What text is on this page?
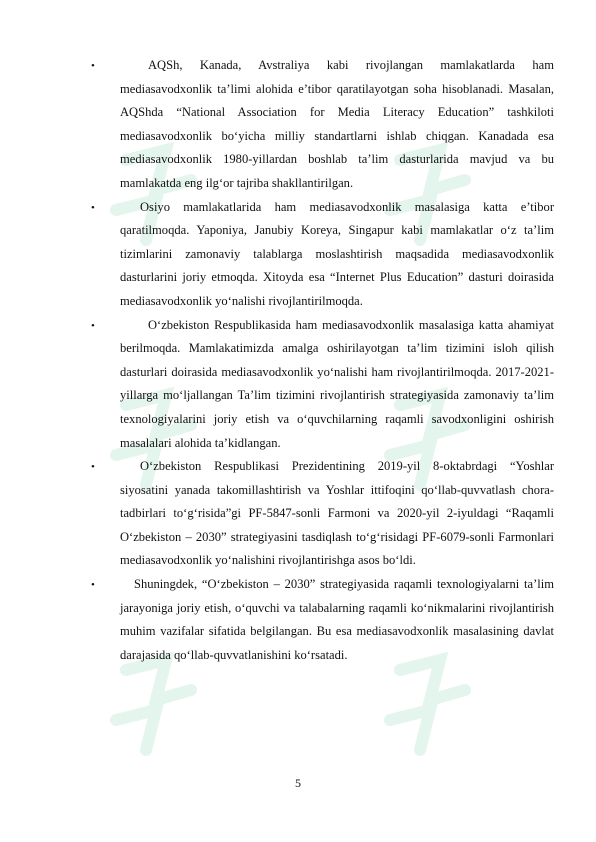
•	AQSh, Kanada, Avstraliya kabi rivojlangan mamlakatlarda ham mediasavodxonlik ta’limi alohida e’tibor qaratilayotgan soha hisoblanadi. Masalan, AQShda “National Association for Media Literacy Education” tashkiloti mediasavodxonlik bo‘yicha milliy standartlarni ishlab chiqgan. Kanadada esa mediasavodxonlik 1980-yillardan boshlab ta’lim dasturlarida mavjud va bu mamlakatda eng ilg‘or tajriba shakllantirilgan.

•	Osiyo mamlakatlarida ham mediasavodxonlik masalasiga katta e’tibor qaratilmoqda. Yaponiya, Janubiy Koreya, Singapur kabi mamlakatlar o‘z ta’lim tizimlarini zamonaviy talablarga moslashtirish maqsadida mediasavodxonlik dasturlarini joriy etmoqda. Xitoyda esa “Internet Plus Education” dasturi doirasida mediasavodxonlik yo‘nalishi rivojlantirilmoqda.

•	O‘zbekiston Respublikasida ham mediasavodxonlik masalasiga katta ahamiyat berilmoqda. Mamlakatimizda amalga oshirilayotgan ta’lim tizimini isloh qilish dasturlari doirasida mediasavodxonlik yo‘nalishi ham rivojlantirilmoqda. 2017-2021-yillarga mo‘ljallangan Ta’lim tizimini rivojlantirish strategiyasida zamonaviy ta’lim texnologiyalarini joriy etish va o‘quvchilarning raqamli savodxonligini oshirish masalalari alohida ta’kidlangan.

•	O‘zbekiston Respublikasi Prezidentining 2019-yil 8-oktabrdagi “Yoshlar siyosatini yanada takomillashtirish va Yoshlar ittifoqini qo‘llab-quvvatlash chora-tadbirlari to‘g‘risida”gi PF-5847-sonli Farmoni va 2020-yil 2-iyuldagi “Raqamli O‘zbekiston – 2030” strategiyasini tasdiqlash to‘g‘risidagi PF-6079-sonli Farmonlari mediasavodxonlik yo‘nalishini rivojlantirishga asos bo‘ldi.

•	Shuningdek, “O‘zbekiston – 2030” strategiyasida raqamli texnologiyalarni ta’lim jarayoniga joriy etish, o‘quvchi va talabalarning raqamli ko‘nikmalarini rivojlantirish muhim vazifalar sifatida belgilangan. Bu esa mediasavodxonlik masalasining davlat darajasida qo‘llab-quvvatlanishini ko‘rsatadi.

5
